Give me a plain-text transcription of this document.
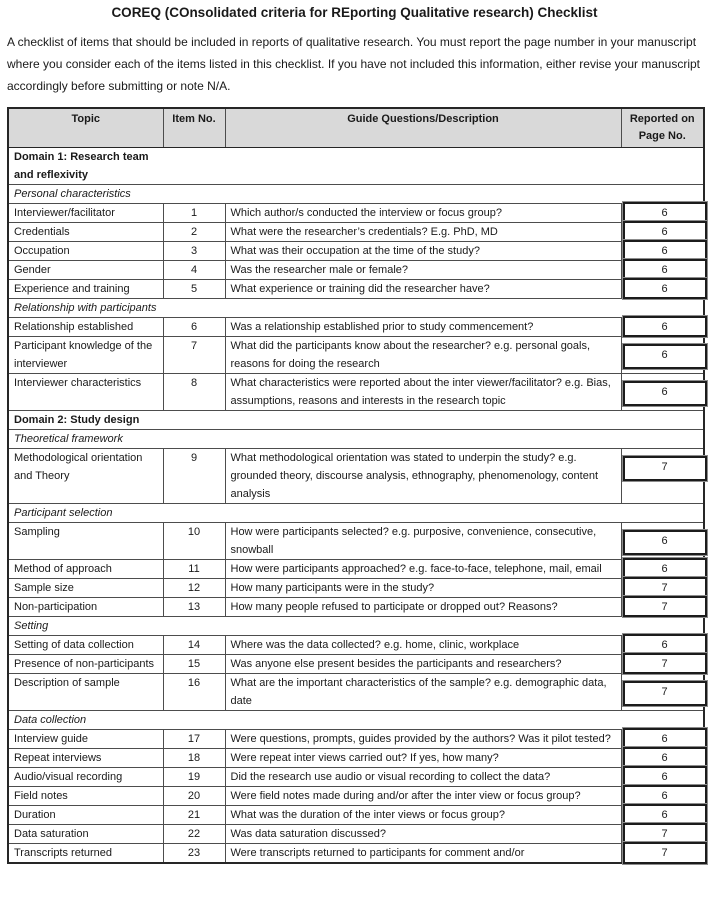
COREQ (COnsolidated criteria for REporting Qualitative research) Checklist

A checklist of items that should be included in reports of qualitative research. You must report the page number in your manuscript where you consider each of the items listed in this checklist. If you have not included this information, either revise your manuscript accordingly before submitting or note N/A.

Topic	Item No.	Guide Questions/Description	Reported on Page No.

Domain 1: Research team and reflexivity			

Personal characteristics			

Interviewer/facilitator	1	Which author/s conducted the interview or focus group?	6

Credentials	2	What were the researcher’s credentials? E.g. PhD, MD	6

Occupation	3	What was their occupation at the time of the study?	6

Gender	4	Was the researcher male or female?	6

Experience and training	5	What experience or training did the researcher have?	6

Relationship with participants			

Relationship established	6	Was a relationship established prior to study commencement?	6

Participant knowledge of the interviewer	7	What did the participants know about the researcher? e.g. personal goals, reasons for doing the research	6

Interviewer characteristics	8	What characteristics were reported about the inter viewer/facilitator? e.g. Bias, assumptions, reasons and interests in the research topic	6

Domain 2: Study design			

Theoretical framework			

Methodological orientation and Theory	9	What methodological orientation was stated to underpin the study? e.g. grounded theory, discourse analysis, ethnography, phenomenology, content analysis	7

Participant selection			

Sampling	10	How were participants selected? e.g. purposive, convenience, consecutive, snowball	6

Method of approach	11	How were participants approached? e.g. face-to-face, telephone, mail, email	6

Sample size	12	How many participants were in the study?	7

Non-participation	13	How many people refused to participate or dropped out? Reasons?	7

Setting			

Setting of data collection	14	Where was the data collected? e.g. home, clinic, workplace	6

Presence of non-participants	15	Was anyone else present besides the participants and researchers?	7

Description of sample	16	What are the important characteristics of the sample? e.g. demographic data, date	7

Data collection			

Interview guide	17	Were questions, prompts, guides provided by the authors? Was it pilot tested?	6

Repeat interviews	18	Were repeat inter views carried out? If yes, how many?	6

Audio/visual recording	19	Did the research use audio or visual recording to collect the data?	6

Field notes	20	Were field notes made during and/or after the inter view or focus group?	6

Duration	21	What was the duration of the inter views or focus group?	6

Data saturation	22	Was data saturation discussed?	7

Transcripts returned	23	Were transcripts returned to participants for comment and/or	7
